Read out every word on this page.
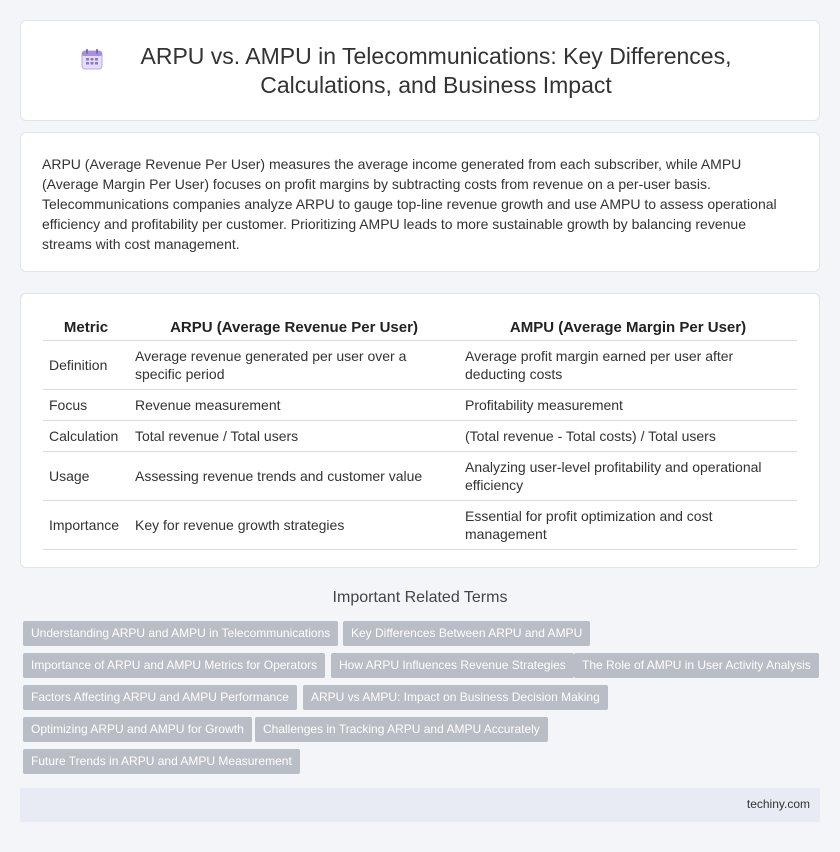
ARPU vs. AMPU in Telecommunications: Key Differences, Calculations, and Business Impact

ARPU (Average Revenue Per User) measures the average income generated from each subscriber, while AMPU (Average Margin Per User) focuses on profit margins by subtracting costs from revenue on a per-user basis. Telecommunications companies analyze ARPU to gauge top-line revenue growth and use AMPU to assess operational efficiency and profitability per customer. Prioritizing AMPU leads to more sustainable growth by balancing revenue streams with cost management.

Metric	ARPU (Average Revenue Per User)	AMPU (Average Margin Per User)
Definition	Average revenue generated per user over a specific period	Average profit margin earned per user after deducting costs
Focus	Revenue measurement	Profitability measurement
Calculation	Total revenue / Total users	(Total revenue - Total costs) / Total users
Usage	Assessing revenue trends and customer value	Analyzing user-level profitability and operational efficiency
Importance	Key for revenue growth strategies	Essential for profit optimization and cost management
Important Related Terms
Understanding ARPU and AMPU in Telecommunications	Key Differences Between ARPU and AMPU
Importance of ARPU and AMPU Metrics for Operators	How ARPU Influences Revenue Strategies	The Role of AMPU in User Activity Analysis
Factors Affecting ARPU and AMPU Performance	ARPU vs AMPU: Impact on Business Decision Making
Optimizing ARPU and AMPU for Growth	Challenges in Tracking ARPU and AMPU Accurately
Future Trends in ARPU and AMPU Measurement
techiny.com
